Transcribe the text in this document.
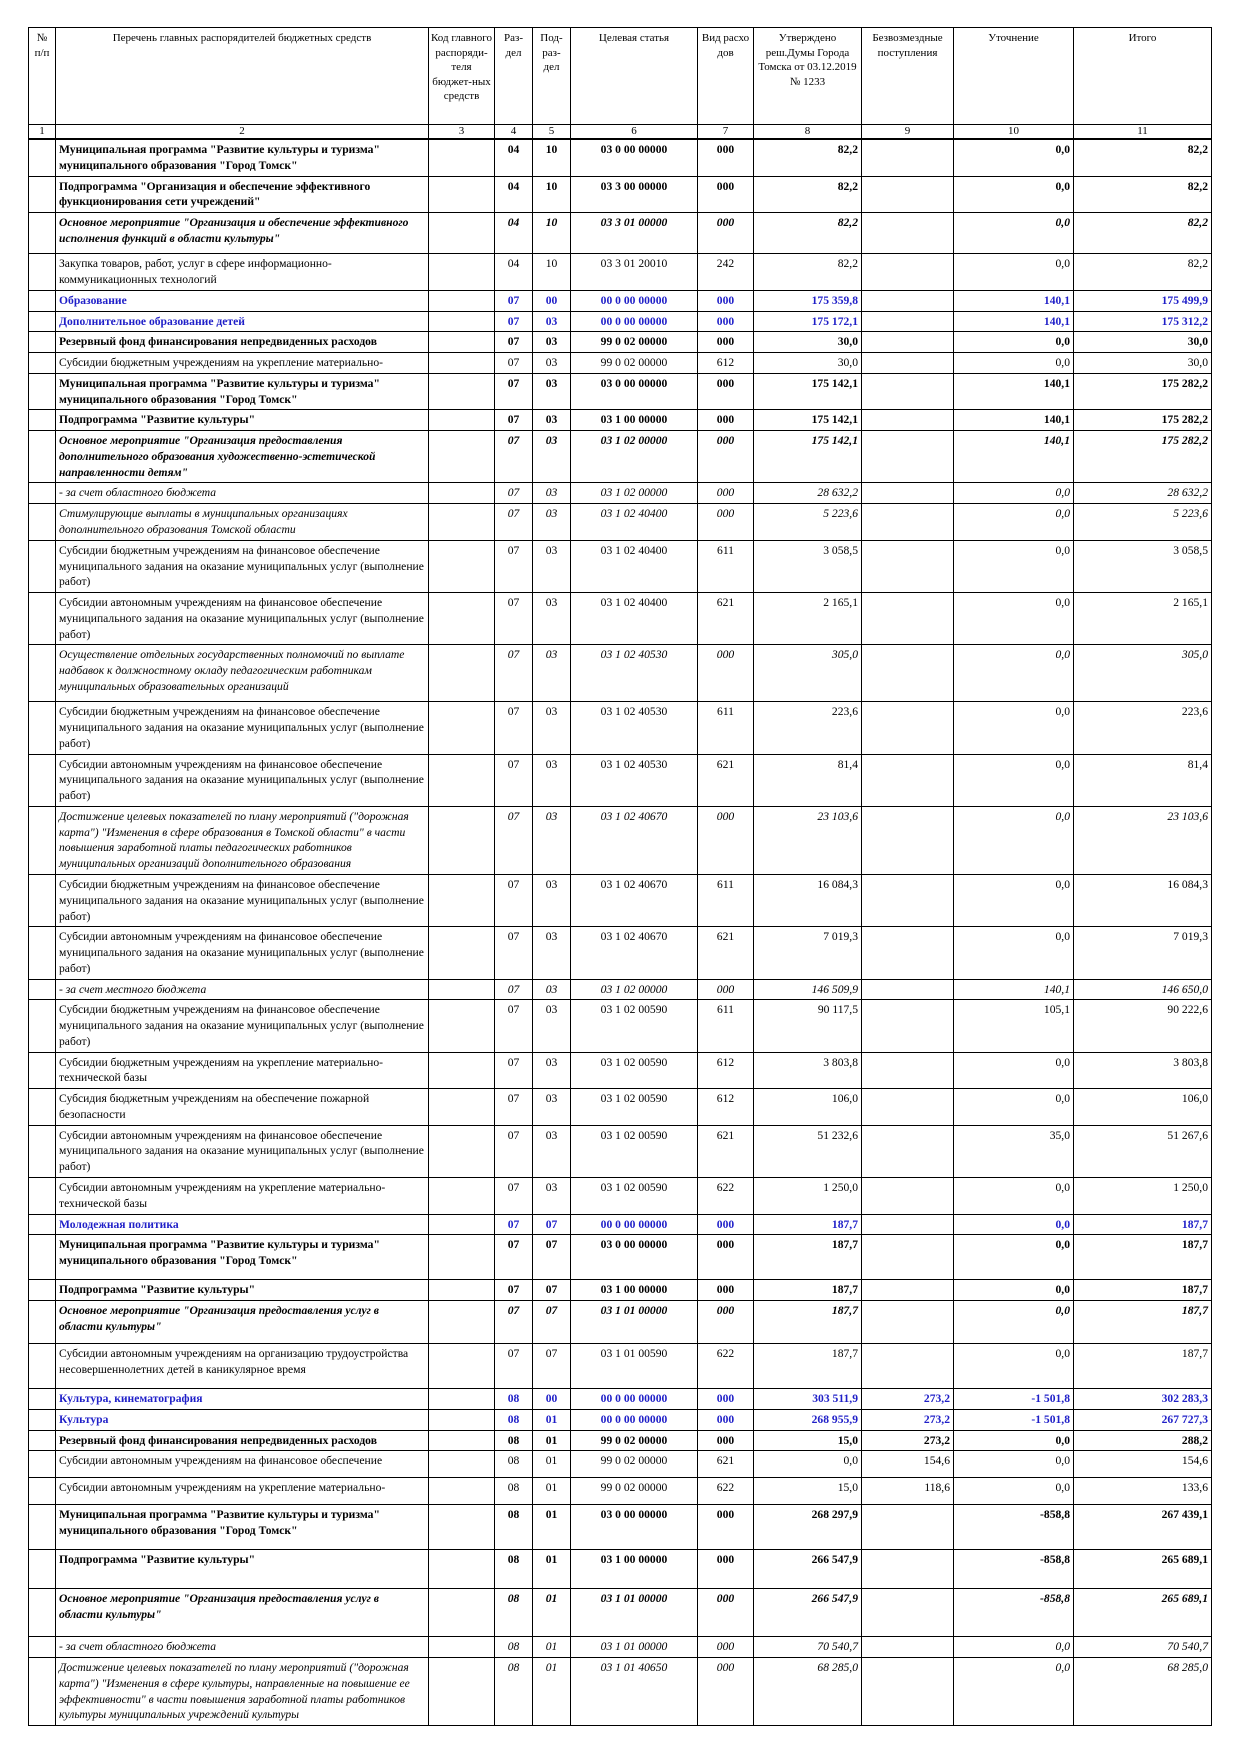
№ п/п	Перечень главных распорядителей бюджетных средств	Код главного распоряди-теля бюджет-ных средств	Раз-дел	Под-раз-дел	Целевая статья	Вид расхо дов	Утверждено реш.Думы Города Томска от 03.12.2019 № 1233	Безвозмездные поступления	Уточнение	Итого
1	2	3	4	5	6	7	8	9	10	11
	Муниципальная программа "Развитие культуры и туризма" муниципального образования "Город Томск"		04	10	03 0 00 00000	000	82,2		0,0	82,2
	Подпрограмма "Организация и обеспечение эффективного функционирования сети учреждений"		04	10	03 3 00 00000	000	82,2		0,0	82,2
	Основное мероприятие "Организация и обеспечение эффективного исполнения функций в области культуры"		04	10	03 3 01 00000	000	82,2		0,0	82,2
	Закупка товаров, работ, услуг в сфере информационно-коммуникационных технологий		04	10	03 3 01 20010	242	82,2		0,0	82,2
	Образование		07	00	00 0 00 00000	000	175 359,8		140,1	175 499,9
	Дополнительное образование детей		07	03	00 0 00 00000	000	175 172,1		140,1	175 312,2
	Резервный фонд финансирования непредвиденных расходов		07	03	99 0 02 00000	000	30,0		0,0	30,0
	Субсидии бюджетным учреждениям на укрепление материально-		07	03	99 0 02 00000	612	30,0		0,0	30,0
	Муниципальная программа "Развитие культуры и туризма" муниципального образования "Город Томск"		07	03	03 0 00 00000	000	175 142,1		140,1	175 282,2
	Подпрограмма "Развитие культуры"		07	03	03 1 00 00000	000	175 142,1		140,1	175 282,2
	Основное мероприятие "Организация предоставления дополнительного образования художественно-эстетической направленности детям"		07	03	03 1 02 00000	000	175 142,1		140,1	175 282,2
	- за счет областного бюджета		07	03	03 1 02 00000	000	28 632,2		0,0	28 632,2
	Стимулирующие выплаты в муниципальных организациях дополнительного образования Томской области		07	03	03 1 02 40400	000	5 223,6		0,0	5 223,6
	Субсидии бюджетным учреждениям на финансовое обеспечение муниципального задания на оказание муниципальных услуг (выполнение работ)		07	03	03 1 02 40400	611	3 058,5		0,0	3 058,5
	Субсидии автономным учреждениям на финансовое обеспечение муниципального задания на оказание муниципальных услуг (выполнение работ)		07	03	03 1 02 40400	621	2 165,1		0,0	2 165,1
	Осуществление отдельных государственных полномочий по выплате надбавок к должностному окладу педагогическим работникам муниципальных образовательных организаций		07	03	03 1 02 40530	000	305,0		0,0	305,0
	Субсидии бюджетным учреждениям на финансовое обеспечение муниципального задания на оказание муниципальных услуг (выполнение работ)		07	03	03 1 02 40530	611	223,6		0,0	223,6
	Субсидии автономным учреждениям на финансовое обеспечение муниципального задания на оказание муниципальных услуг (выполнение работ)		07	03	03 1 02 40530	621	81,4		0,0	81,4
	Достижение целевых показателей по плану мероприятий ("дорожная карта") "Изменения в сфере образования в Томской области" в части повышения заработной платы педагогических работников муниципальных организаций дополнительного образования		07	03	03 1 02 40670	000	23 103,6		0,0	23 103,6
	Субсидии бюджетным учреждениям на финансовое обеспечение муниципального задания на оказание муниципальных услуг (выполнение работ)		07	03	03 1 02 40670	611	16 084,3		0,0	16 084,3
	Субсидии автономным учреждениям на финансовое обеспечение муниципального задания на оказание муниципальных услуг (выполнение работ)		07	03	03 1 02 40670	621	7 019,3		0,0	7 019,3
	- за счет местного бюджета		07	03	03 1 02 00000	000	146 509,9		140,1	146 650,0
	Субсидии бюджетным учреждениям на финансовое обеспечение муниципального задания на оказание муниципальных услуг (выполнение работ)		07	03	03 1 02 00590	611	90 117,5		105,1	90 222,6
	Субсидии бюджетным учреждениям на укрепление материально-технической базы		07	03	03 1 02 00590	612	3 803,8		0,0	3 803,8
	Субсидия бюджетным учреждениям на обеспечение пожарной безопасности		07	03	03 1 02 00590	612	106,0		0,0	106,0
	Субсидии автономным учреждениям на финансовое обеспечение муниципального задания на оказание муниципальных услуг (выполнение работ)		07	03	03 1 02 00590	621	51 232,6		35,0	51 267,6
	Субсидии автономным учреждениям на укрепление материально-технической базы		07	03	03 1 02 00590	622	1 250,0		0,0	1 250,0
	Молодежная политика		07	07	00 0 00 00000	000	187,7		0,0	187,7
	Муниципальная программа "Развитие культуры и туризма" муниципального образования "Город Томск"		07	07	03 0 00 00000	000	187,7		0,0	187,7
	Подпрограмма "Развитие культуры"		07	07	03 1 00 00000	000	187,7		0,0	187,7
	Основное мероприятие "Организация предоставления услуг в области культуры"		07	07	03 1 01 00000	000	187,7		0,0	187,7
	Субсидии автономным учреждениям на организацию трудоустройства несовершеннолетних детей в каникулярное время		07	07	03 1 01 00590	622	187,7		0,0	187,7
	Культура, кинематография		08	00	00 0 00 00000	000	303 511,9	273,2	-1 501,8	302 283,3
	Культура		08	01	00 0 00 00000	000	268 955,9	273,2	-1 501,8	267 727,3
	Резервный фонд финансирования непредвиденных расходов		08	01	99 0 02 00000	000	15,0	273,2	0,0	288,2
	Субсидии автономным учреждениям на финансовое обеспечение		08	01	99 0 02 00000	621	0,0	154,6	0,0	154,6
	Субсидии автономным учреждениям на укрепление материально-		08	01	99 0 02 00000	622	15,0	118,6	0,0	133,6
	Муниципальная программа "Развитие культуры и туризма" муниципального образования "Город Томск"		08	01	03 0 00 00000	000	268 297,9		-858,8	267 439,1
	Подпрограмма "Развитие культуры"		08	01	03 1 00 00000	000	266 547,9		-858,8	265 689,1
	Основное мероприятие "Организация предоставления услуг в области культуры"		08	01	03 1 01 00000	000	266 547,9		-858,8	265 689,1
	- за счет областного бюджета		08	01	03 1 01 00000	000	70 540,7		0,0	70 540,7
	Достижение целевых показателей по плану мероприятий ("дорожная карта") "Изменения в сфере культуры, направленные на повышение ее эффективности" в части повышения заработной платы работников культуры муниципальных учреждений культуры		08	01	03 1 01 40650	000	68 285,0		0,0	68 285,0
